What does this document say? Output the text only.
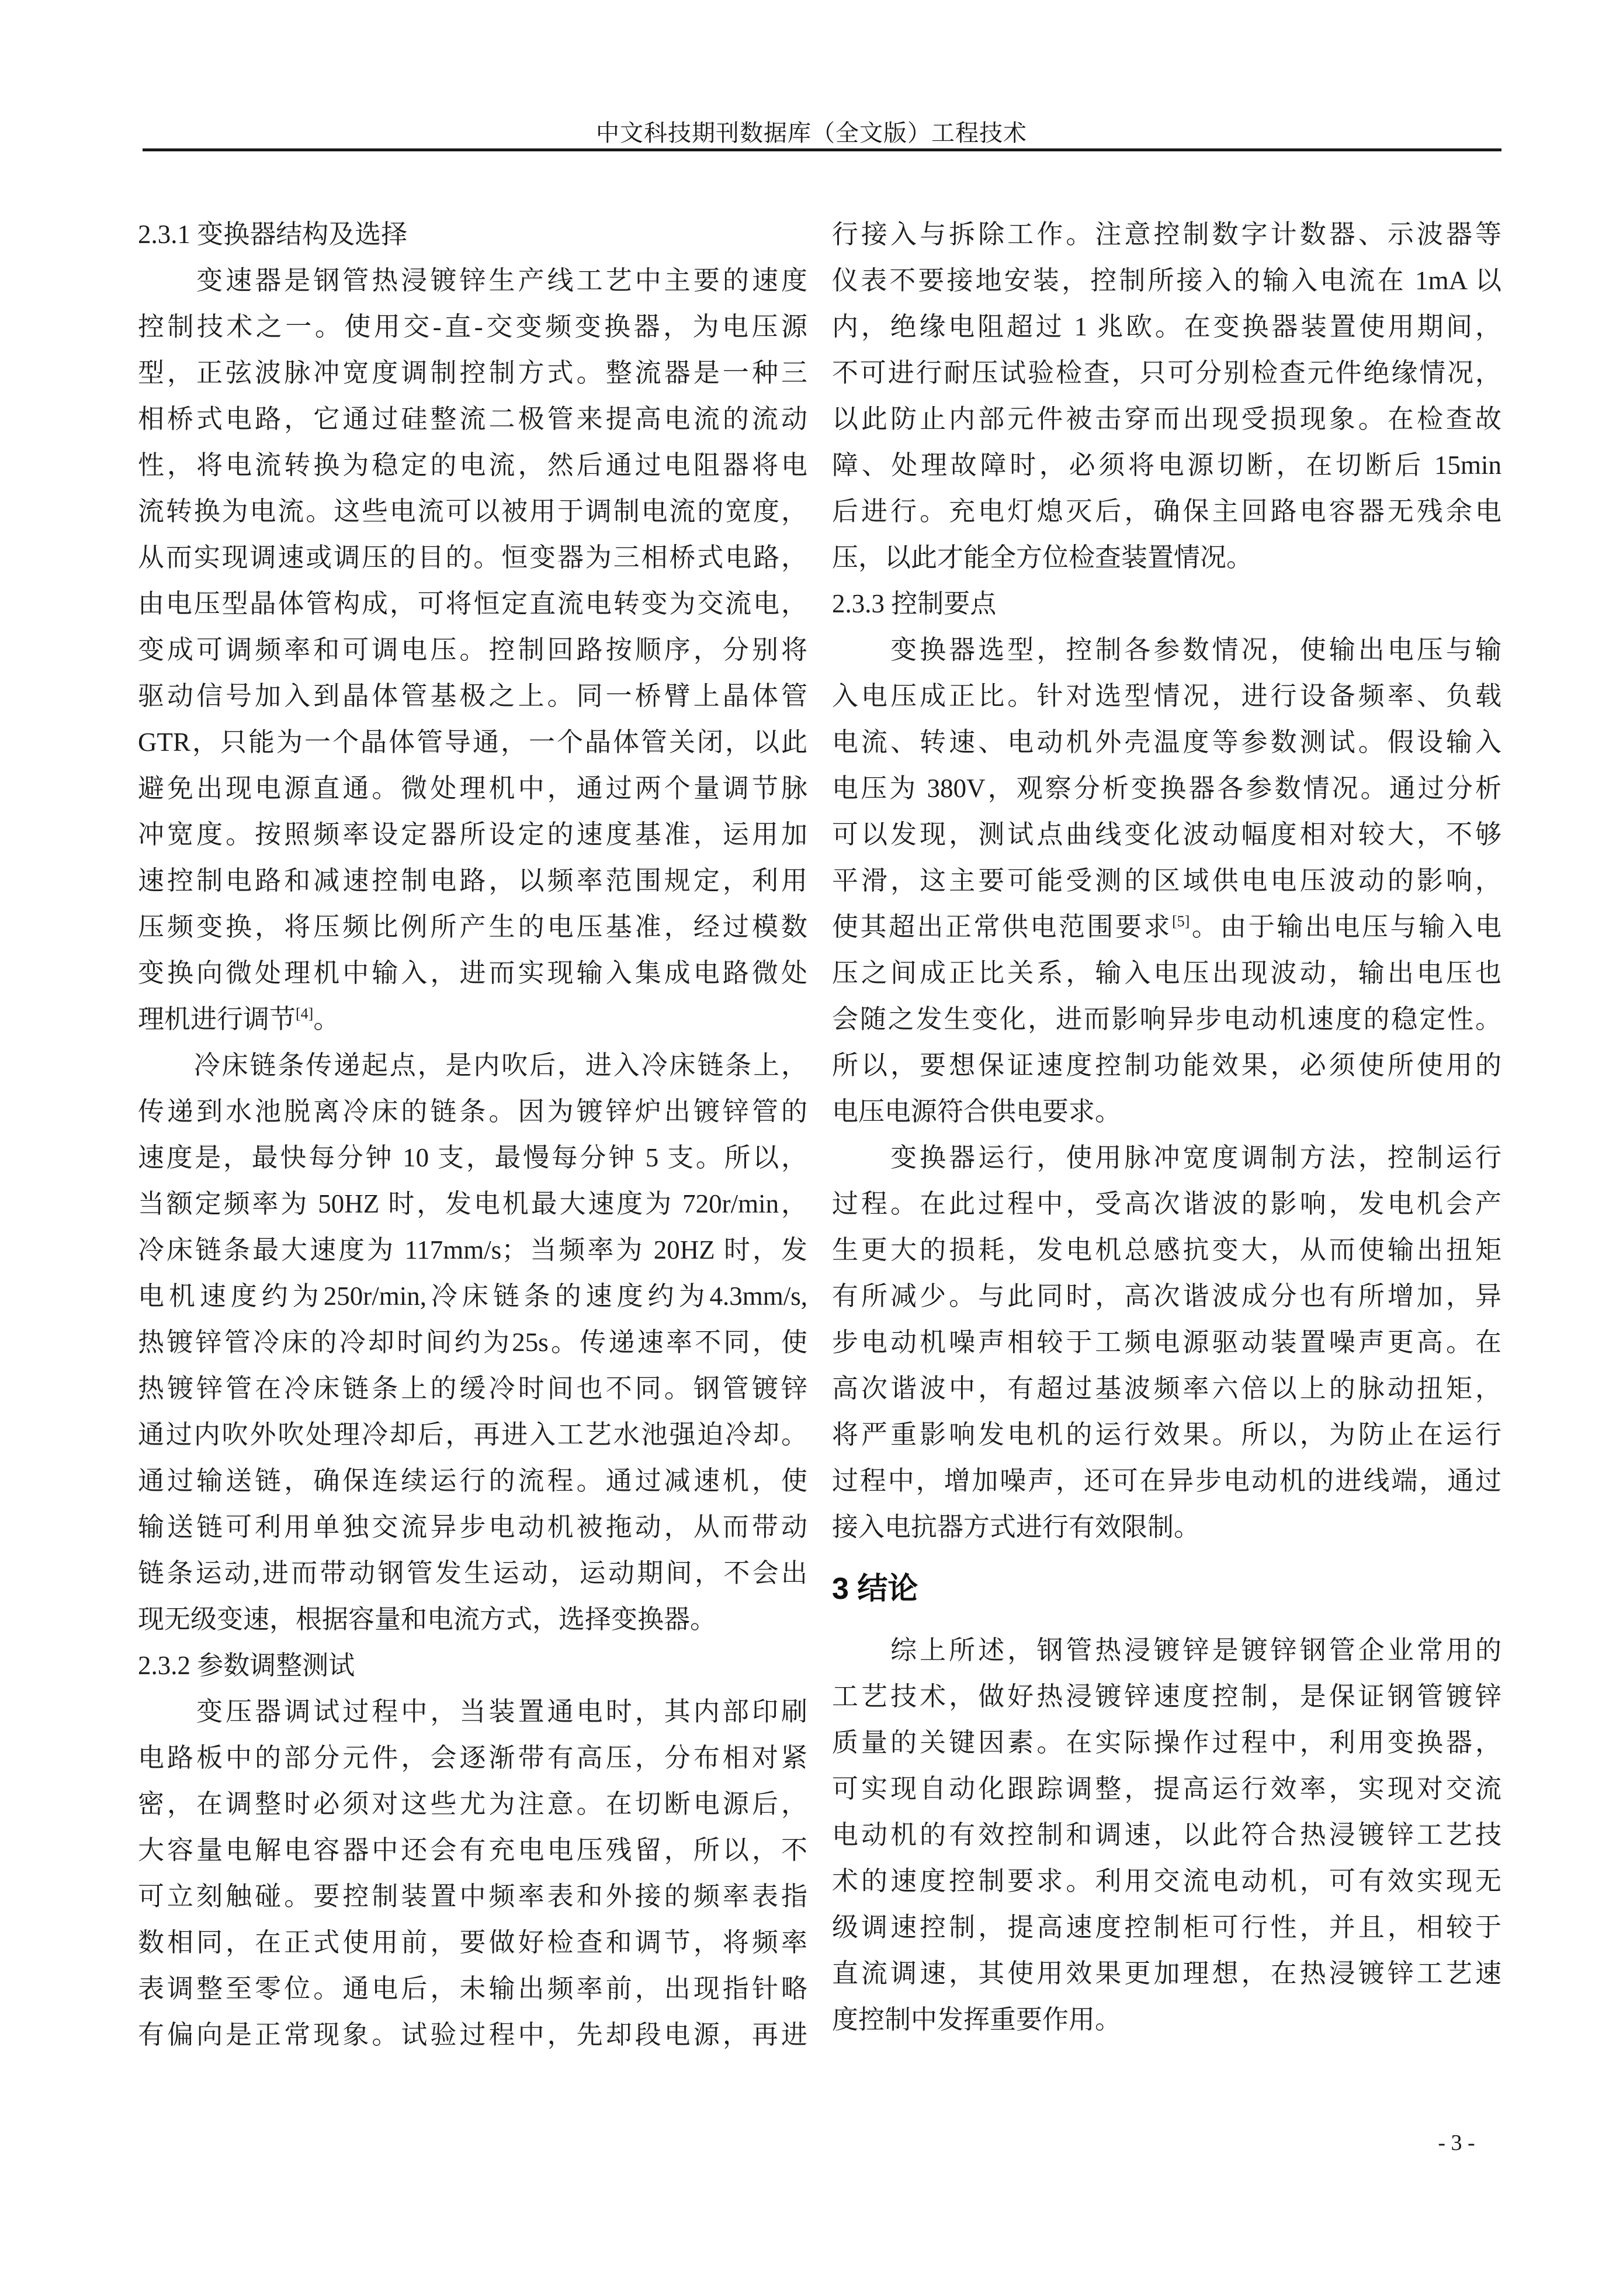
中文科技期刊数据库（全文版）工程技术
2.3.1 变换器结构及选择
　　变速器是钢管热浸镀锌生产线工艺中主要的速度
控制技术之一。使用交-直-交变频变换器，为电压源
型，正弦波脉冲宽度调制控制方式。整流器是一种三
相桥式电路，它通过硅整流二极管来提高电流的流动
性，将电流转换为稳定的电流，然后通过电阻器将电
流转换为电流。这些电流可以被用于调制电流的宽度，
从而实现调速或调压的目的。恒变器为三相桥式电路，
由电压型晶体管构成，可将恒定直流电转变为交流电，
变成可调频率和可调电压。控制回路按顺序，分别将
驱动信号加入到晶体管基极之上。同一桥臂上晶体管
GTR，只能为一个晶体管导通，一个晶体管关闭，以此
避免出现电源直通。微处理机中，通过两个量调节脉
冲宽度。按照频率设定器所设定的速度基准，运用加
速控制电路和减速控制电路，以频率范围规定，利用
压频变换，将压频比例所产生的电压基准，经过模数
变换向微处理机中输入，进而实现输入集成电路微处
理机进行调节[4]。
　　冷床链条传递起点，是内吹后，进入冷床链条上，
传递到水池脱离冷床的链条。因为镀锌炉出镀锌管的
速度是，最快每分钟 10 支，最慢每分钟 5 支。所以，
当额定频率为 50HZ 时，发电机最大速度为 720r/min，
冷床链条最大速度为 117mm/s；当频率为 20HZ 时，发
电机速度约为250r/min,冷床链条的速度约为4.3mm/s,
热镀锌管冷床的冷却时间约为25s。传递速率不同，使
热镀锌管在冷床链条上的缓冷时间也不同。钢管镀锌
通过内吹外吹处理冷却后，再进入工艺水池强迫冷却。
通过输送链，确保连续运行的流程。通过减速机，使
输送链可利用单独交流异步电动机被拖动，从而带动
链条运动,进而带动钢管发生运动，运动期间，不会出
现无级变速，根据容量和电流方式，选择变换器。
2.3.2 参数调整测试
　　变压器调试过程中，当装置通电时，其内部印刷
电路板中的部分元件，会逐渐带有高压，分布相对紧
密，在调整时必须对这些尤为注意。在切断电源后，
大容量电解电容器中还会有充电电压残留，所以，不
可立刻触碰。要控制装置中频率表和外接的频率表指
数相同，在正式使用前，要做好检查和调节，将频率
表调整至零位。通电后，未输出频率前，出现指针略
有偏向是正常现象。试验过程中，先却段电源，再进
行接入与拆除工作。注意控制数字计数器、示波器等
仪表不要接地安装，控制所接入的输入电流在 1mA 以
内，绝缘电阻超过 1 兆欧。在变换器装置使用期间，
不可进行耐压试验检查，只可分别检查元件绝缘情况，
以此防止内部元件被击穿而出现受损现象。在检查故
障、处理故障时，必须将电源切断，在切断后 15min
后进行。充电灯熄灭后，确保主回路电容器无残余电
压，以此才能全方位检查装置情况。
2.3.3 控制要点
　　变换器选型，控制各参数情况，使输出电压与输
入电压成正比。针对选型情况，进行设备频率、负载
电流、转速、电动机外壳温度等参数测试。假设输入
电压为 380V，观察分析变换器各参数情况。通过分析
可以发现，测试点曲线变化波动幅度相对较大，不够
平滑，这主要可能受测的区域供电电压波动的影响，
使其超出正常供电范围要求[5]。由于输出电压与输入电
压之间成正比关系，输入电压出现波动，输出电压也
会随之发生变化，进而影响异步电动机速度的稳定性。
所以，要想保证速度控制功能效果，必须使所使用的
电压电源符合供电要求。
　　变换器运行，使用脉冲宽度调制方法，控制运行
过程。在此过程中，受高次谐波的影响，发电机会产
生更大的损耗，发电机总感抗变大，从而使输出扭矩
有所减少。与此同时，高次谐波成分也有所增加，异
步电动机噪声相较于工频电源驱动装置噪声更高。在
高次谐波中，有超过基波频率六倍以上的脉动扭矩，
将严重影响发电机的运行效果。所以，为防止在运行
过程中，增加噪声，还可在异步电动机的进线端，通过
接入电抗器方式进行有效限制。
3 结论
　　综上所述，钢管热浸镀锌是镀锌钢管企业常用的
工艺技术，做好热浸镀锌速度控制，是保证钢管镀锌
质量的关键因素。在实际操作过程中，利用变换器，
可实现自动化跟踪调整，提高运行效率，实现对交流
电动机的有效控制和调速，以此符合热浸镀锌工艺技
术的速度控制要求。利用交流电动机，可有效实现无
级调速控制，提高速度控制柜可行性，并且，相较于
直流调速，其使用效果更加理想，在热浸镀锌工艺速
度控制中发挥重要作用。
- 3 -
